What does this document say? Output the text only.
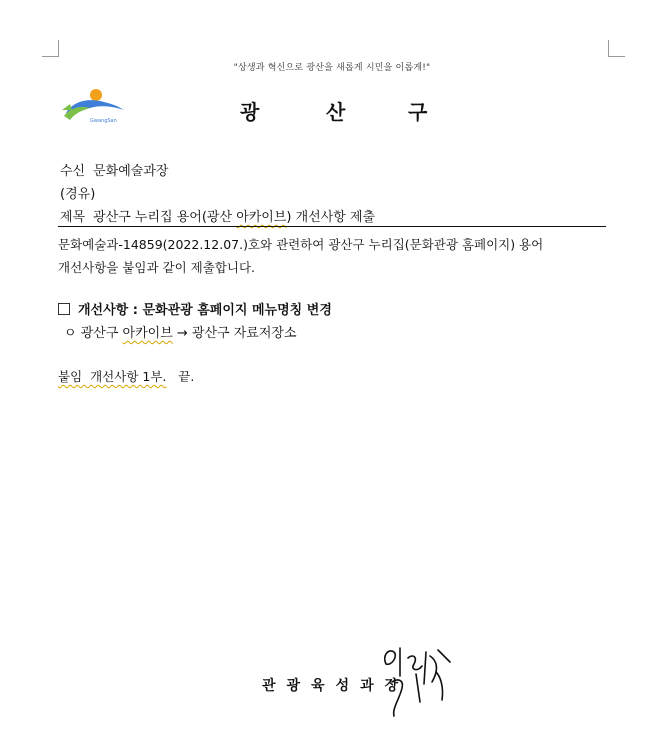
"상생과 혁신으로 광산을 새롭게 시민을 이롭게!"
GwangSan	광	산	구
수신 문화예술과장
(경유)
제목 광산구 누리집 용어(광산 아카이브) 개선사항 제출
문화예술과-14859(2022.12.07.)호와 관련하여 광산구 누리집(문화관광 홈페이지) 용어
개선사항을 붙임과 같이 제출합니다.
개선사항 : 문화관광 홈페이지 메뉴명칭 변경
ㅇ 광산구 아카이브 → 광산구 자료저장소
붙임  개선사항 1부. 끝.
관광육성과장
